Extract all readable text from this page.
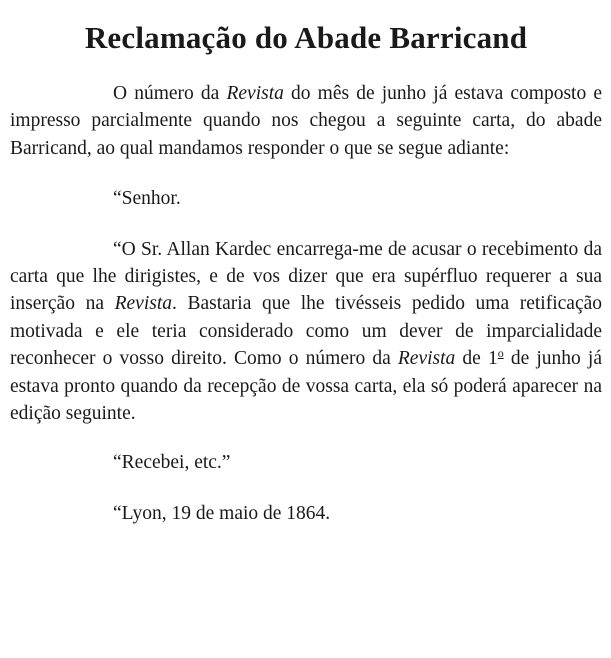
Reclamação do Abade Barricand

O número da Revista do mês de junho já estava composto e impresso parcialmente quando nos chegou a seguinte carta, do abade Barricand, ao qual mandamos responder o que se segue adiante:

“Senhor.

“O Sr. Allan Kardec encarrega-me de acusar o recebimento da carta que lhe dirigistes, e de vos dizer que era supérfluo requerer a sua inserção na Revista. Bastaria que lhe tivésseis pedido uma retificação motivada e ele teria considerado como um dever de imparcialidade reconhecer o vosso direito. Como o número da Revista de 1$^o$ de junho já estava pronto quando da recepção de vossa carta, ela só poderá aparecer na edição seguinte.

“Recebei, etc.”

“Lyon, 19 de maio de 1864.
